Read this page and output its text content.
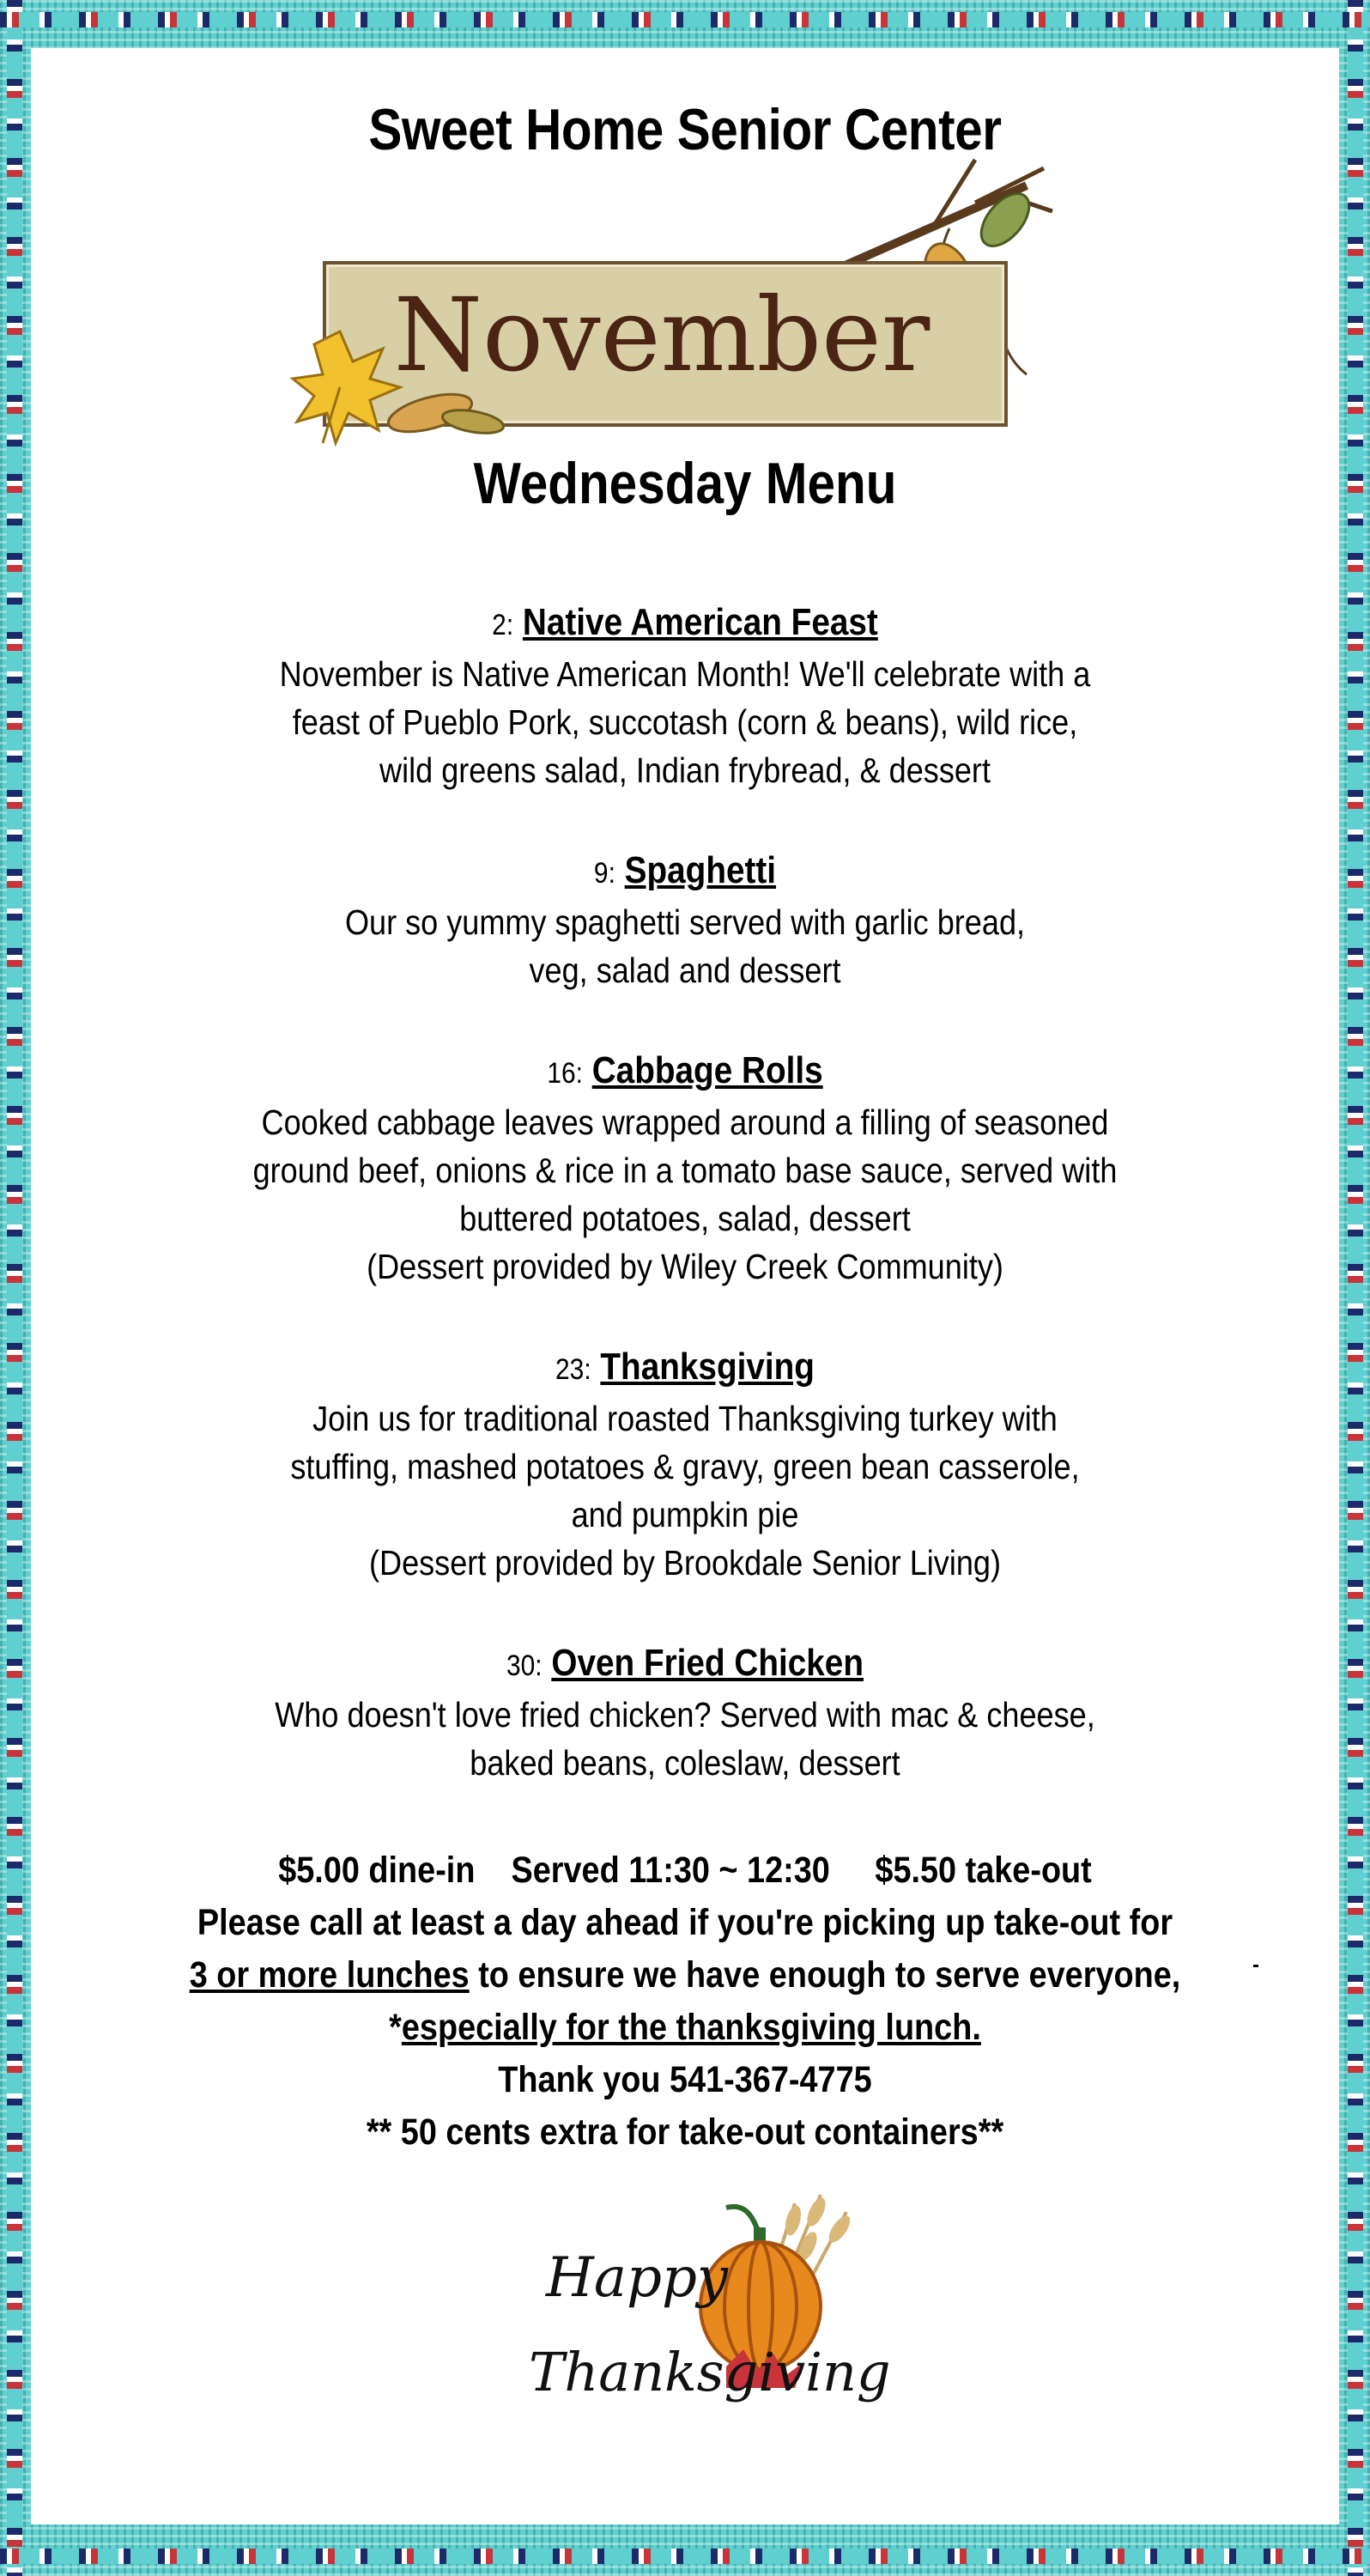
Sweet Home Senior Center
November
Wednesday Menu
2: Native American Feast
November is Native American Month! We'll celebrate with a
feast of Pueblo Pork, succotash (corn & beans), wild rice,
wild greens salad, Indian frybread, & dessert
9: Spaghetti
Our so yummy spaghetti served with garlic bread,
veg, salad and dessert
16: Cabbage Rolls
Cooked cabbage leaves wrapped around a filling of seasoned
ground beef, onions & rice in a tomato base sauce, served with
buttered potatoes, salad, dessert
(Dessert provided by Wiley Creek Community)
23: Thanksgiving
Join us for traditional roasted Thanksgiving turkey with
stuffing, mashed potatoes & gravy, green bean casserole,
and pumpkin pie
(Dessert provided by Brookdale Senior Living)
30: Oven Fried Chicken
Who doesn't love fried chicken? Served with mac & cheese,
baked beans, coleslaw, dessert
$5.00 dine-in Served 11:30 ~ 12:30 $5.50 take-out
Please call at least a day ahead if you're picking up take-out for
3 or more lunches to ensure we have enough to serve everyone,
*especially for the thanksgiving lunch.
Thank you 541-367-4775
** 50 cents extra for take-out containers**
Happy
Thanksgiving
